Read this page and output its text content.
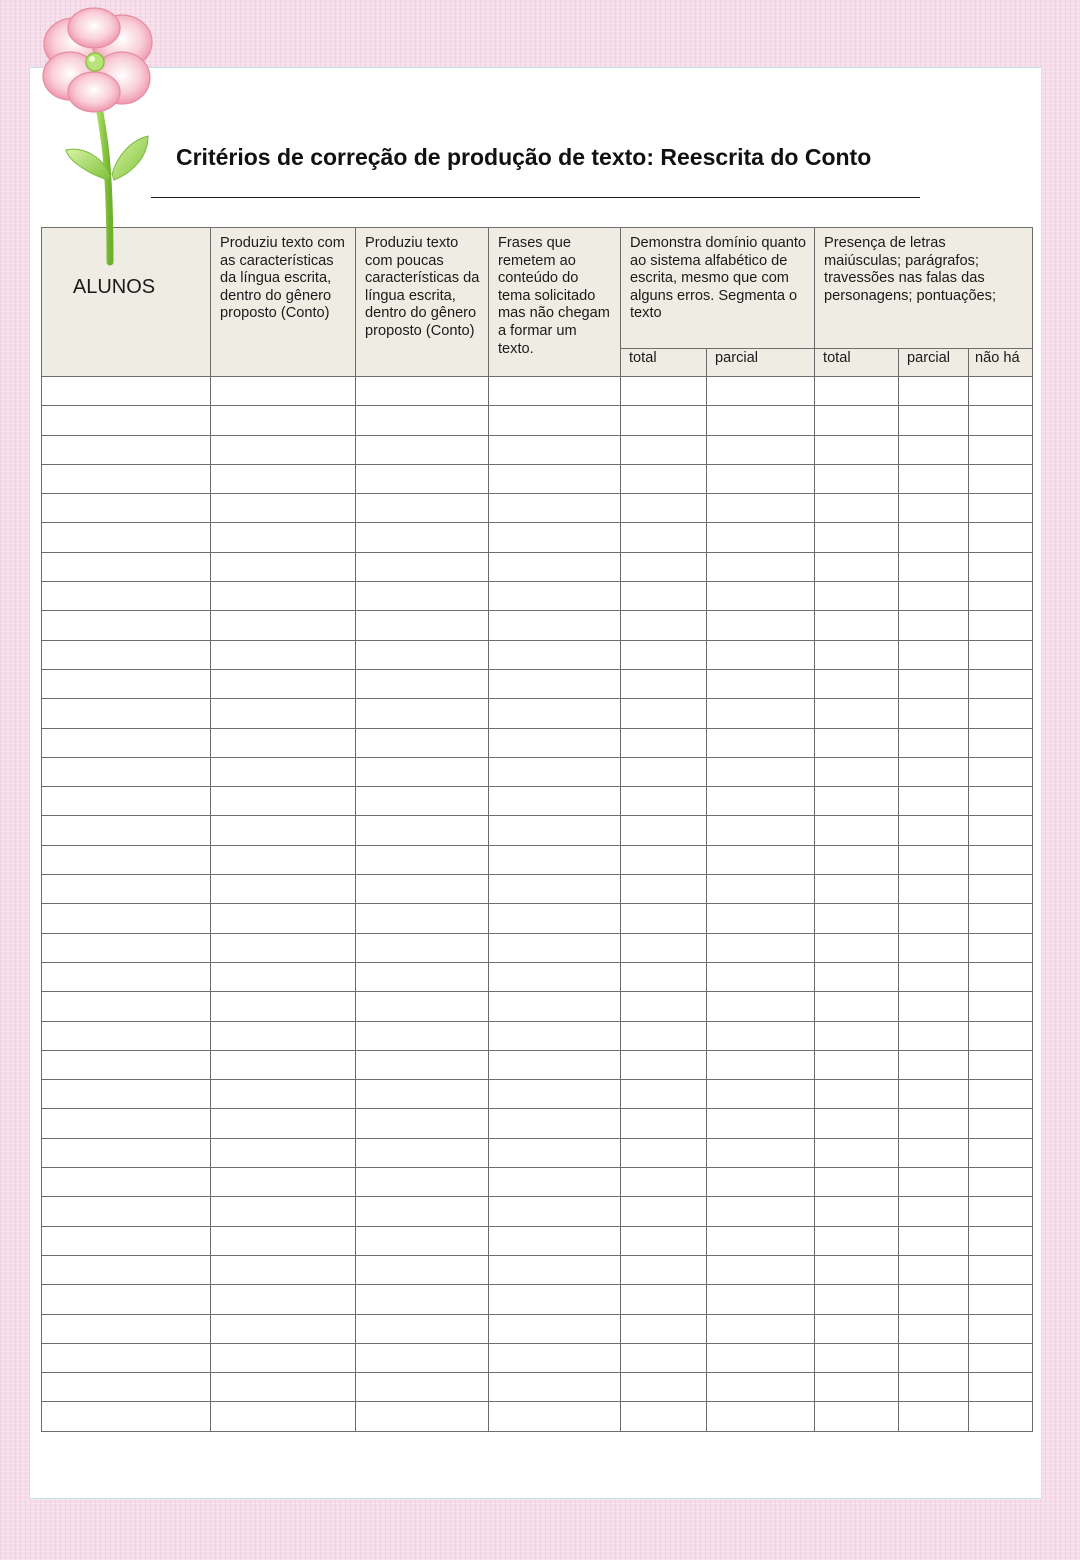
Critérios de correção de produção de texto: Reescrita do Conto
ALUNOS	Produziu texto com as características da língua escrita, dentro do gênero proposto (Conto)	Produziu texto com poucas características da língua escrita, dentro do gênero proposto (Conto)	Frases que remetem ao conteúdo do tema solicitado mas não chegam a formar um texto.	Demonstra domínio quanto ao sistema alfabético de escrita, mesmo que com alguns erros. Segmenta o texto		Presença de letras maiúsculas; parágrafos; travessões nas falas das personagens; pontuações;		
				total	parcial	total	parcial	não há
